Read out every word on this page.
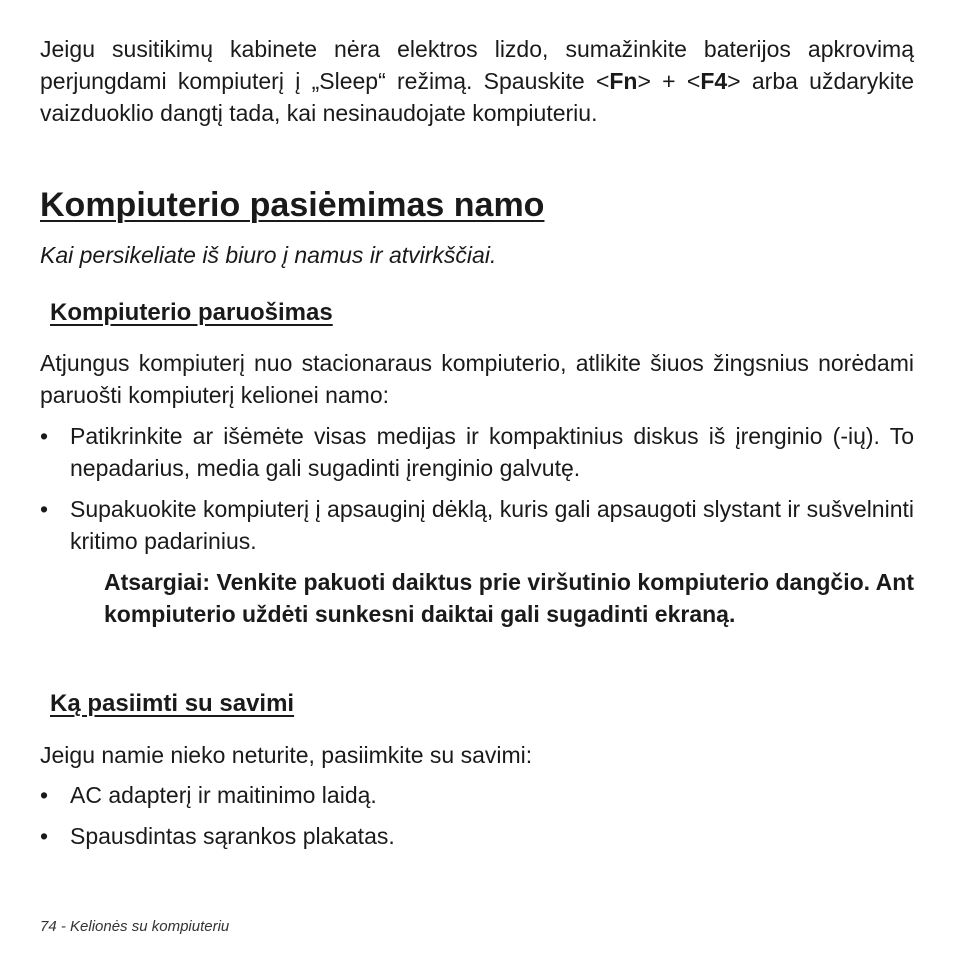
Jeigu susitikimų kabinete nėra elektros lizdo, sumažinkite baterijos apkrovimą perjungdami kompiuterį į „Sleep“ režimą. Spauskite <Fn> + <F4> arba uždarykite vaizduoklio dangtį tada, kai nesinaudojate kompiuteriu.

Kompiuterio pasiėmimas namo

Kai persikeliate iš biuro į namus ir atvirkščiai.

Kompiuterio paruošimas

Atjungus kompiuterį nuo stacionaraus kompiuterio, atlikite šiuos žingsnius norėdami paruošti kompiuterį kelionei namo:

• Patikrinkite ar išėmėte visas medijas ir kompaktinius diskus iš įrenginio (-ių). To nepadarius, media gali sugadinti įrenginio galvutę.
• Supakuokite kompiuterį į apsauginį dėklą, kuris gali apsaugoti slystant ir sušvelninti kritimo padarinius.

Atsargiai: Venkite pakuoti daiktus prie viršutinio kompiuterio dangčio. Ant kompiuterio uždėti sunkesni daiktai gali sugadinti ekraną.

Ką pasiimti su savimi

Jeigu namie nieko neturite, pasiimkite su savimi:

• AC adapterį ir maitinimo laidą.
• Spausdintas sąrankos plakatas.
74 - Kelionės su kompiuteriu
